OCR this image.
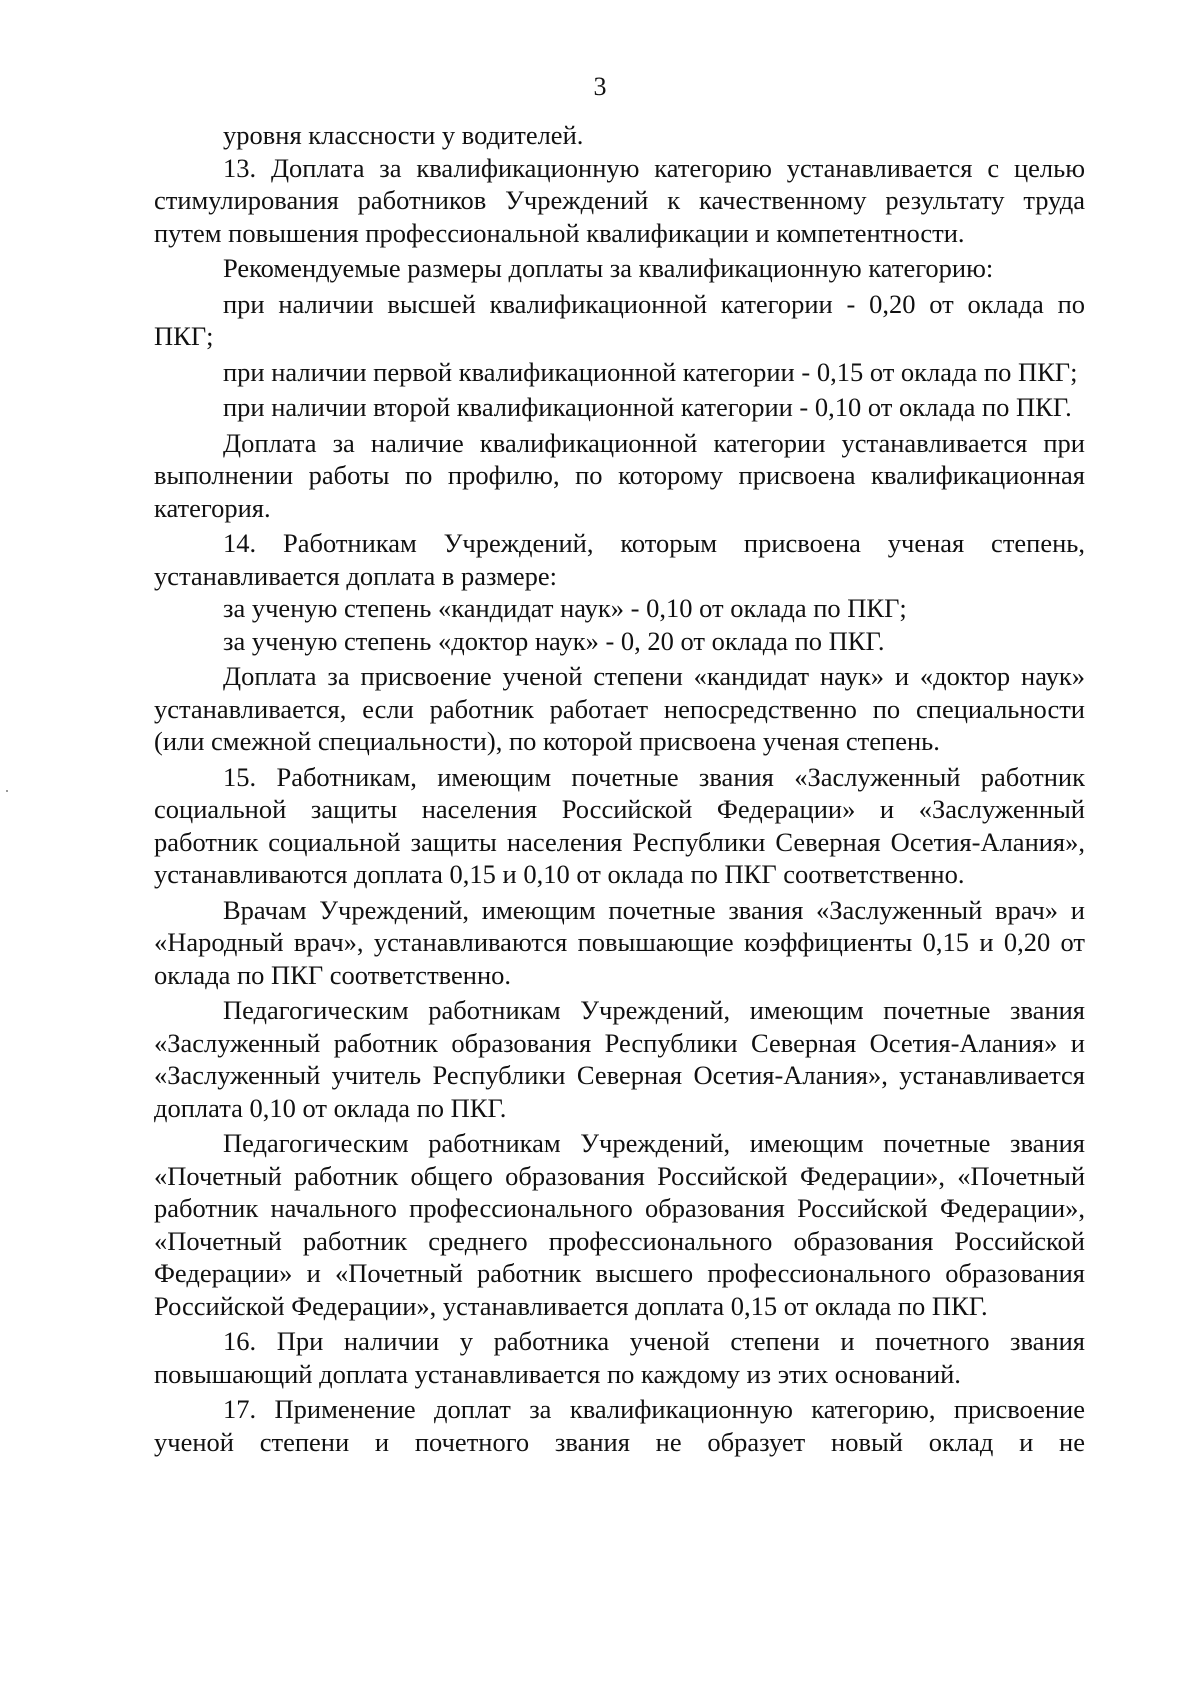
3

уровня классности у водителей.

13. Доплата за квалификационную категорию устанавливается с целью стимулирования работников Учреждений к качественному результату труда путем повышения профессиональной квалификации и компетентности.

Рекомендуемые размеры доплаты за квалификационную категорию:

при наличии высшей квалификационной категории - 0,20 от оклада по ПКГ;

при наличии первой квалификационной категории - 0,15 от оклада по ПКГ;

при наличии второй квалификационной категории - 0,10 от оклада по ПКГ.

Доплата за наличие квалификационной категории устанавливается при выполнении работы по профилю, по которому присвоена квалификационная категория.

14. Работникам Учреждений, которым присвоена ученая степень, устанавливается доплата в размере:

за ученую степень «кандидат наук» - 0,10 от оклада по ПКГ;

за ученую степень «доктор наук» - 0, 20 от оклада по ПКГ.

Доплата за присвоение ученой степени «кандидат наук» и «доктор наук» устанавливается, если работник работает непосредственно по специальности (или смежной специальности), по которой присвоена ученая степень.

15. Работникам, имеющим почетные звания «Заслуженный работник социальной защиты населения Российской Федерации» и «Заслуженный работник социальной защиты населения Республики Северная Осетия-Алания», устанавливаются доплата 0,15 и 0,10 от оклада по ПКГ соответственно.

Врачам Учреждений, имеющим почетные звания «Заслуженный врач» и «Народный врач», устанавливаются повышающие коэффициенты 0,15 и 0,20 от оклада по ПКГ соответственно.

Педагогическим работникам Учреждений, имеющим почетные звания «Заслуженный работник образования Республики Северная Осетия-Алания» и «Заслуженный учитель Республики Северная Осетия-Алания», устанавливается доплата 0,10 от оклада по ПКГ.

Педагогическим работникам Учреждений, имеющим почетные звания «Почетный работник общего образования Российской Федерации», «Почетный работник начального профессионального образования Российской Федерации», «Почетный работник среднего профессионального образования Российской Федерации» и «Почетный работник высшего профессионального образования Российской Федерации», устанавливается доплата 0,15 от оклада по ПКГ.

16. При наличии у работника ученой степени и почетного звания повышающий доплата устанавливается по каждому из этих оснований.

17. Применение доплат за квалификационную категорию, присвоение ученой степени и почетного звания не образует новый оклад и не
